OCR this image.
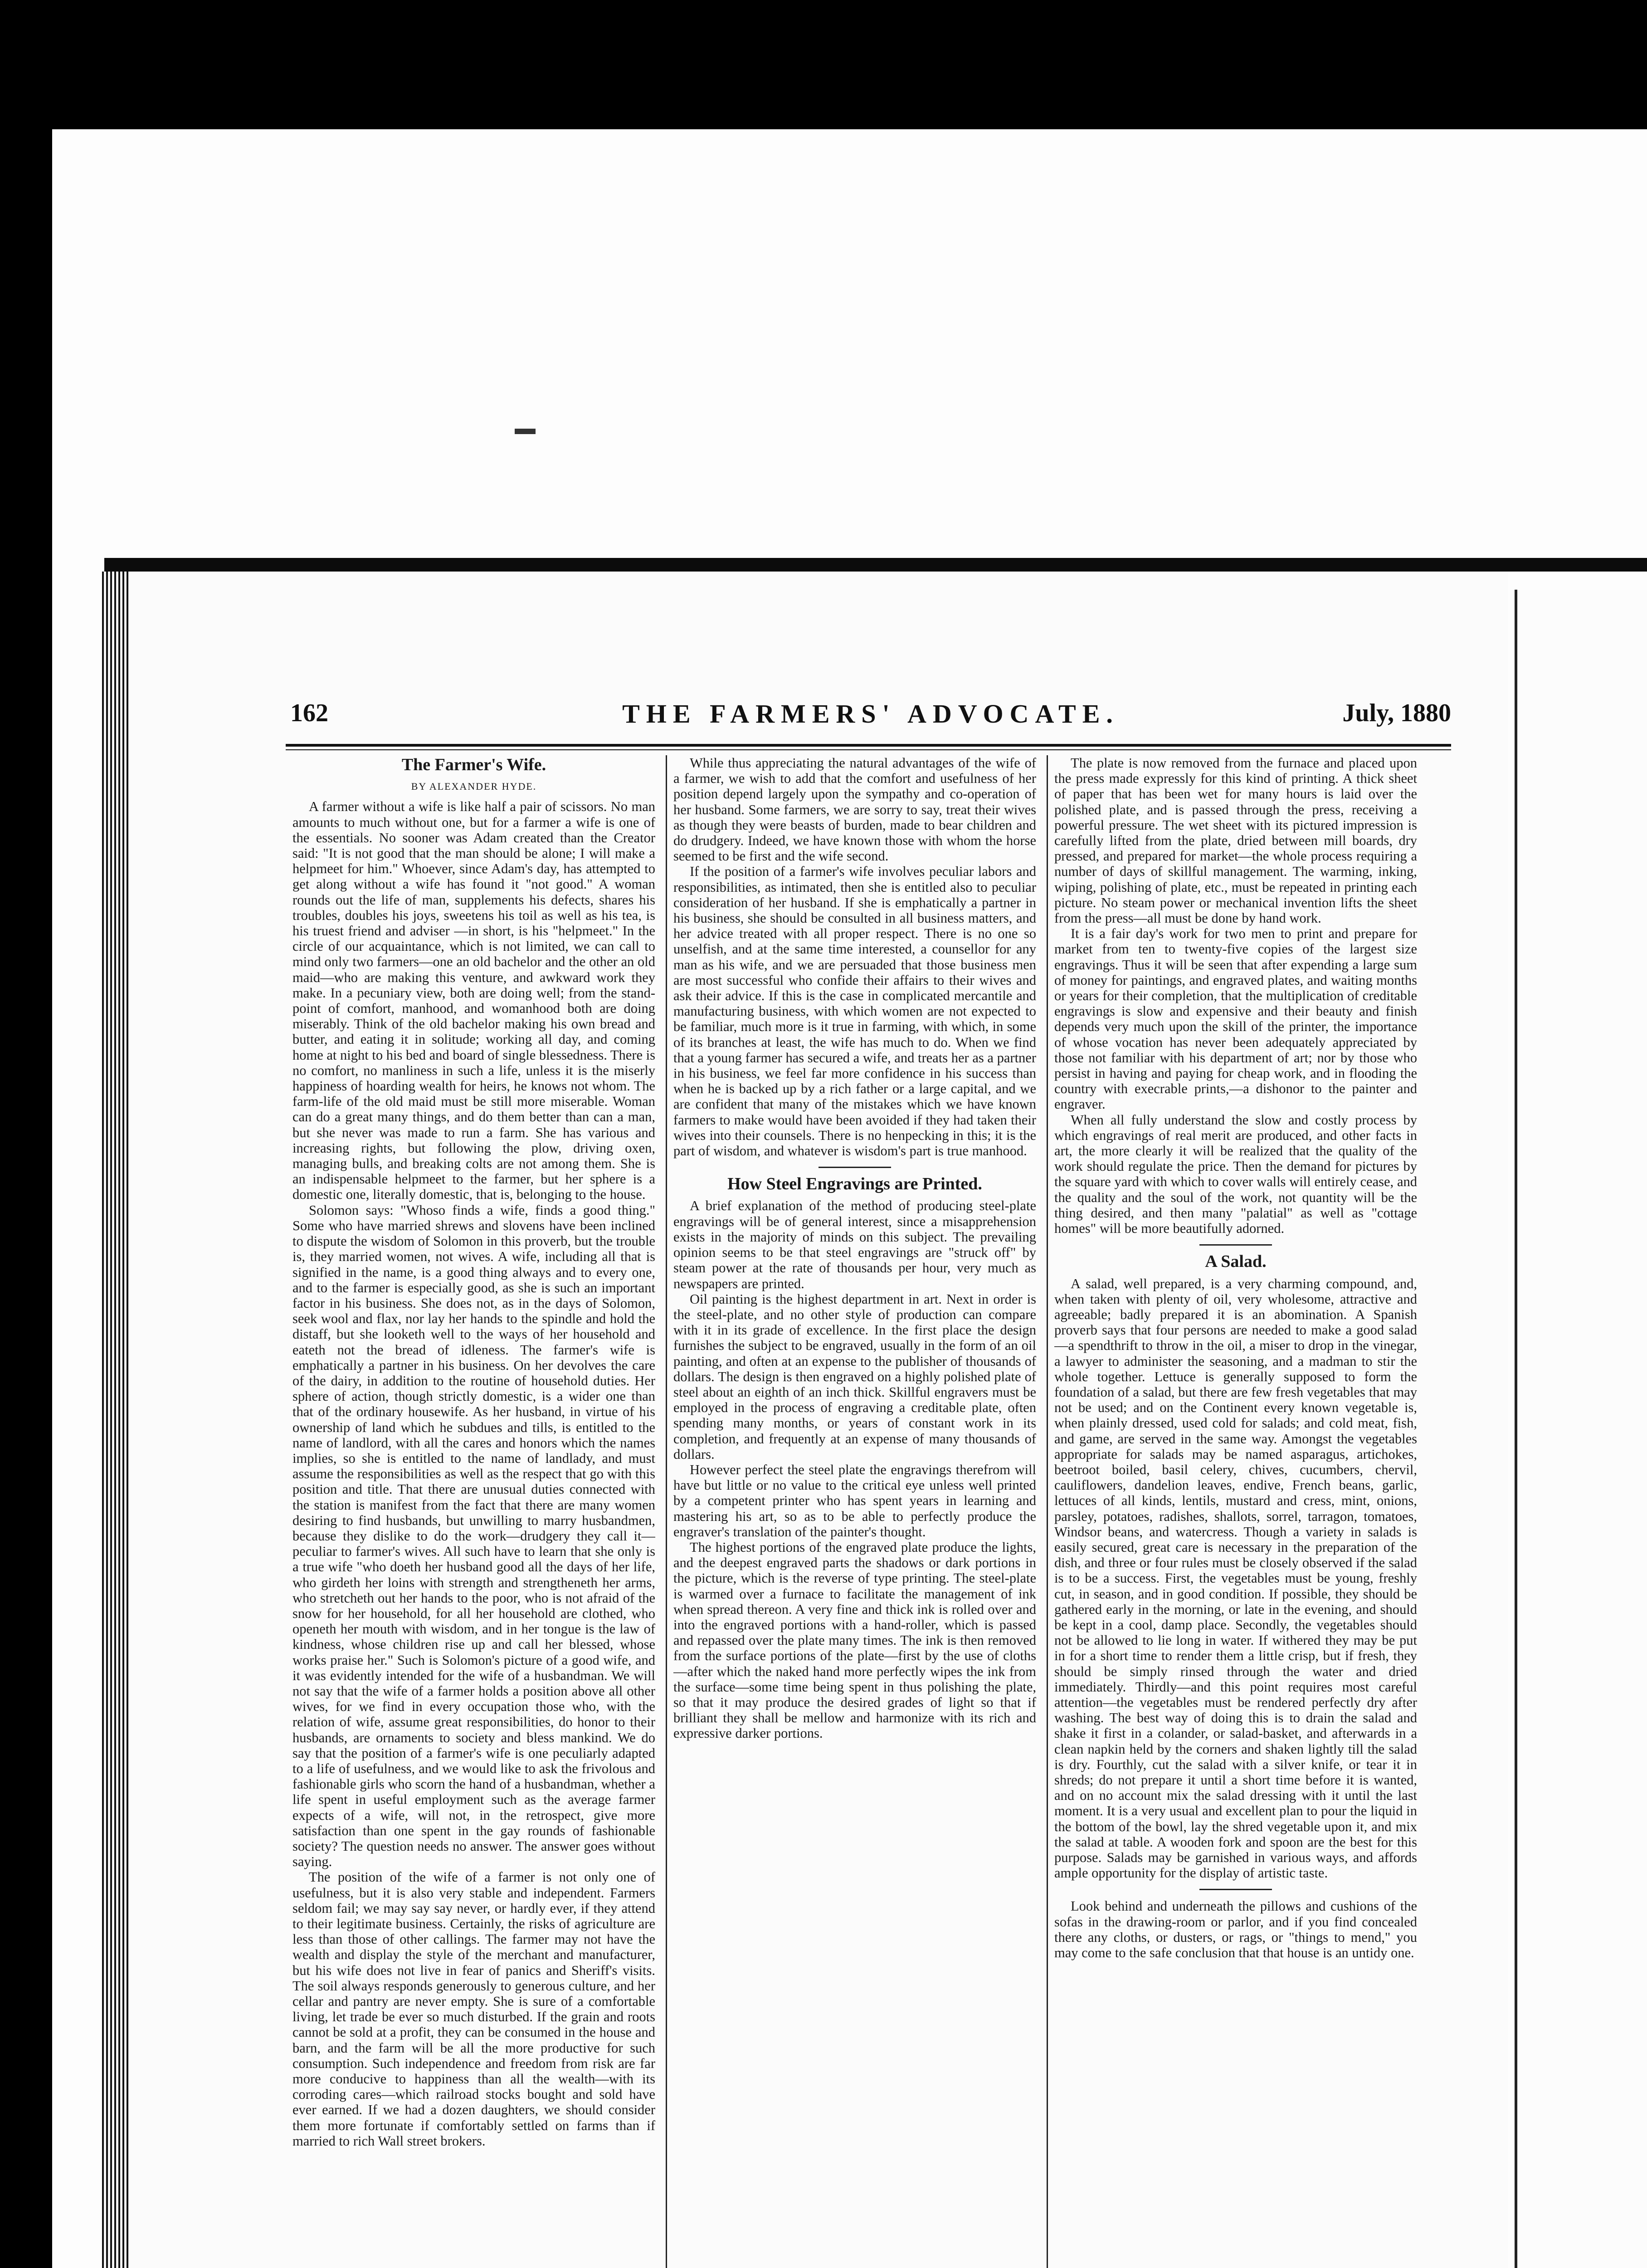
162	THE FARMERS' ADVOCATE.	July, 1880
The Farmer's Wife.
BY ALEXANDER HYDE.

A farmer without a wife is like half a pair of scissors. No man amounts to much without one, but for a farmer a wife is one of the essentials. No sooner was Adam created than the Creator said: "It is not good that the man should be alone; I will make a helpmeet for him." Whoever, since Adam's day, has attempted to get along without a wife has found it "not good." A woman rounds out the life of man, supplements his defects, shares his troubles, doubles his joys, sweetens his toil as well as his tea, is his truest friend and adviser —in short, is his "helpmeet." In the circle of our acquaintance, which is not limited, we can call to mind only two farmers—one an old bachelor and the other an old maid—who are making this venture, and awkward work they make. In a pecuniary view, both are doing well; from the stand-point of comfort, manhood, and womanhood both are doing miserably. Think of the old bachelor making his own bread and butter, and eating it in solitude; working all day, and coming home at night to his bed and board of single blessedness. There is no comfort, no manliness in such a life, unless it is the miserly happiness of hoarding wealth for heirs, he knows not whom. The farm-life of the old maid must be still more miserable. Woman can do a great many things, and do them better than can a man, but she never was made to run a farm. She has various and increasing rights, but following the plow, driving oxen, managing bulls, and breaking colts are not among them. She is an indispensable helpmeet to the farmer, but her sphere is a domestic one, literally domestic, that is, belonging to the house.

Solomon says: "Whoso finds a wife, finds a good thing." Some who have married shrews and slovens have been inclined to dispute the wisdom of Solomon in this proverb, but the trouble is, they married women, not wives. A wife, including all that is signified in the name, is a good thing always and to every one, and to the farmer is especially good, as she is such an important factor in his business. She does not, as in the days of Solomon, seek wool and flax, nor lay her hands to the spindle and hold the distaff, but she looketh well to the ways of her household and eateth not the bread of idleness. The farmer's wife is emphatically a partner in his business. On her devolves the care of the dairy, in addition to the routine of household duties. Her sphere of action, though strictly domestic, is a wider one than that of the ordinary housewife. As her husband, in virtue of his ownership of land which he subdues and tills, is entitled to the name of landlord, with all the cares and honors which the names implies, so she is entitled to the name of landlady, and must assume the responsibilities as well as the respect that go with this position and title. That there are unusual duties connected with the station is manifest from the fact that there are many women desiring to find husbands, but unwilling to marry husbandmen, because they dislike to do the work—drudgery they call it—peculiar to farmer's wives. All such have to learn that she only is a true wife "who doeth her husband good all the days of her life, who girdeth her loins with strength and strengtheneth her arms, who stretcheth out her hands to the poor, who is not afraid of the snow for her household, for all her household are clothed, who openeth her mouth with wisdom, and in her tongue is the law of kindness, whose children rise up and call her blessed, whose works praise her." Such is Solomon's picture of a good wife, and it was evidently intended for the wife of a husbandman. We will not say that the wife of a farmer holds a position above all other wives, for we find in every occupation those who, with the relation of wife, assume great responsibilities, do honor to their husbands, are ornaments to society and bless mankind. We do say that the position of a farmer's wife is one peculiarly adapted to a life of usefulness, and we would like to ask the frivolous and fashionable girls who scorn the hand of a husbandman, whether a life spent in useful employment such as the average farmer expects of a wife, will not, in the retrospect, give more satisfaction than one spent in the gay rounds of fashionable society? The question needs no answer. The answer goes without saying.

The position of the wife of a farmer is not only one of usefulness, but it is also very stable and independent. Farmers seldom fail; we may say say never, or hardly ever, if they attend to their legitimate business. Certainly, the risks of agriculture are less than those of other callings. The farmer may not have the wealth and display the style of the merchant and manufacturer, but his wife does not live in fear of panics and Sheriff's visits. The soil always responds generously to generous culture, and her cellar and pantry are never empty. She is sure of a comfortable living, let trade be ever so much disturbed. If the grain and roots cannot be sold at a profit, they can be consumed in the house and barn, and the farm will be all the more productive for such consumption. Such independence and freedom from risk are far more conducive to happiness than all the wealth—with its corroding cares—which railroad stocks bought and sold have ever earned. If we had a dozen daughters, we should consider them more fortunate if comfortably settled on farms than if married to rich Wall street brokers.

While thus appreciating the natural advantages of the wife of a farmer, we wish to add that the comfort and usefulness of her position depend largely upon the sympathy and co-operation of her husband. Some farmers, we are sorry to say, treat their wives as though they were beasts of burden, made to bear children and do drudgery. Indeed, we have known those with whom the horse seemed to be first and the wife second.

If the position of a farmer's wife involves peculiar labors and responsibilities, as intimated, then she is entitled also to peculiar consideration of her husband. If she is emphatically a partner in his business, she should be consulted in all business matters, and her advice treated with all proper respect. There is no one so unselfish, and at the same time interested, a counsellor for any man as his wife, and we are persuaded that those business men are most successful who confide their affairs to their wives and ask their advice. If this is the case in complicated mercantile and manufacturing business, with which women are not expected to be familiar, much more is it true in farming, with which, in some of its branches at least, the wife has much to do. When we find that a young farmer has secured a wife, and treats her as a partner in his business, we feel far more confidence in his success than when he is backed up by a rich father or a large capital, and we are confident that many of the mistakes which we have known farmers to make would have been avoided if they had taken their wives into their counsels. There is no henpecking in this; it is the part of wisdom, and whatever is wisdom's part is true manhood.

How Steel Engravings are Printed.

A brief explanation of the method of producing steel-plate engravings will be of general interest, since a misapprehension exists in the majority of minds on this subject. The prevailing opinion seems to be that steel engravings are "struck off" by steam power at the rate of thousands per hour, very much as newspapers are printed.

Oil painting is the highest department in art. Next in order is the steel-plate, and no other style of production can compare with it in its grade of excellence. In the first place the design furnishes the subject to be engraved, usually in the form of an oil painting, and often at an expense to the publisher of thousands of dollars. The design is then engraved on a highly polished plate of steel about an eighth of an inch thick. Skillful engravers must be employed in the process of engraving a creditable plate, often spending many months, or years of constant work in its completion, and frequently at an expense of many thousands of dollars.

However perfect the steel plate the engravings therefrom will have but little or no value to the critical eye unless well printed by a competent printer who has spent years in learning and mastering his art, so as to be able to perfectly produce the engraver's translation of the painter's thought.

The highest portions of the engraved plate produce the lights, and the deepest engraved parts the shadows or dark portions in the picture, which is the reverse of type printing. The steel-plate is warmed over a furnace to facilitate the management of ink when spread thereon. A very fine and thick ink is rolled over and into the engraved portions with a hand-roller, which is passed and repassed over the plate many times. The ink is then removed from the surface portions of the plate—first by the use of cloths—after which the naked hand more perfectly wipes the ink from the surface—some time being spent in thus polishing the plate, so that it may produce the desired grades of light so that if brilliant they shall be mellow and harmonize with its rich and expressive darker portions.

The plate is now removed from the furnace and placed upon the press made expressly for this kind of printing. A thick sheet of paper that has been wet for many hours is laid over the polished plate, and is passed through the press, receiving a powerful pressure. The wet sheet with its pictured impression is carefully lifted from the plate, dried between mill boards, dry pressed, and prepared for market—the whole process requiring a number of days of skillful management. The warming, inking, wiping, polishing of plate, etc., must be repeated in printing each picture. No steam power or mechanical invention lifts the sheet from the press—all must be done by hand work.

It is a fair day's work for two men to print and prepare for market from ten to twenty-five copies of the largest size engravings. Thus it will be seen that after expending a large sum of money for paintings, and engraved plates, and waiting months or years for their completion, that the multiplication of creditable engravings is slow and expensive and their beauty and finish depends very much upon the skill of the printer, the importance of whose vocation has never been adequately appreciated by those not familiar with his department of art; nor by those who persist in having and paying for cheap work, and in flooding the country with execrable prints,—a dishonor to the painter and engraver.

When all fully understand the slow and costly process by which engravings of real merit are produced, and other facts in art, the more clearly it will be realized that the quality of the work should regulate the price. Then the demand for pictures by the square yard with which to cover walls will entirely cease, and the quality and the soul of the work, not quantity will be the thing desired, and then many "palatial" as well as "cottage homes" will be more beautifully adorned.

A Salad.

A salad, well prepared, is a very charming compound, and, when taken with plenty of oil, very wholesome, attractive and agreeable; badly prepared it is an abomination. A Spanish proverb says that four persons are needed to make a good salad—a spendthrift to throw in the oil, a miser to drop in the vinegar, a lawyer to administer the seasoning, and a madman to stir the whole together. Lettuce is generally supposed to form the foundation of a salad, but there are few fresh vegetables that may not be used; and on the Continent every known vegetable is, when plainly dressed, used cold for salads; and cold meat, fish, and game, are served in the same way. Amongst the vegetables appropriate for salads may be named asparagus, artichokes, beetroot boiled, basil celery, chives, cucumbers, chervil, cauliflowers, dandelion leaves, endive, French beans, garlic, lettuces of all kinds, lentils, mustard and cress, mint, onions, parsley, potatoes, radishes, shallots, sorrel, tarragon, tomatoes, Windsor beans, and watercress. Though a variety in salads is easily secured, great care is necessary in the preparation of the dish, and three or four rules must be closely observed if the salad is to be a success. First, the vegetables must be young, freshly cut, in season, and in good condition. If possible, they should be gathered early in the morning, or late in the evening, and should be kept in a cool, damp place. Secondly, the vegetables should not be allowed to lie long in water. If withered they may be put in for a short time to render them a little crisp, but if fresh, they should be simply rinsed through the water and dried immediately. Thirdly—and this point requires most careful attention—the vegetables must be rendered perfectly dry after washing. The best way of doing this is to drain the salad and shake it first in a colander, or salad-basket, and afterwards in a clean napkin held by the corners and shaken lightly till the salad is dry. Fourthly, cut the salad with a silver knife, or tear it in shreds; do not prepare it until a short time before it is wanted, and on no account mix the salad dressing with it until the last moment. It is a very usual and excellent plan to pour the liquid in the bottom of the bowl, lay the shred vegetable upon it, and mix the salad at table. A wooden fork and spoon are the best for this purpose. Salads may be garnished in various ways, and affords ample opportunity for the display of artistic taste.

Look behind and underneath the pillows and cushions of the sofas in the drawing-room or parlor, and if you find concealed there any cloths, or dusters, or rags, or "things to mend," you may come to the safe conclusion that that house is an untidy one.
